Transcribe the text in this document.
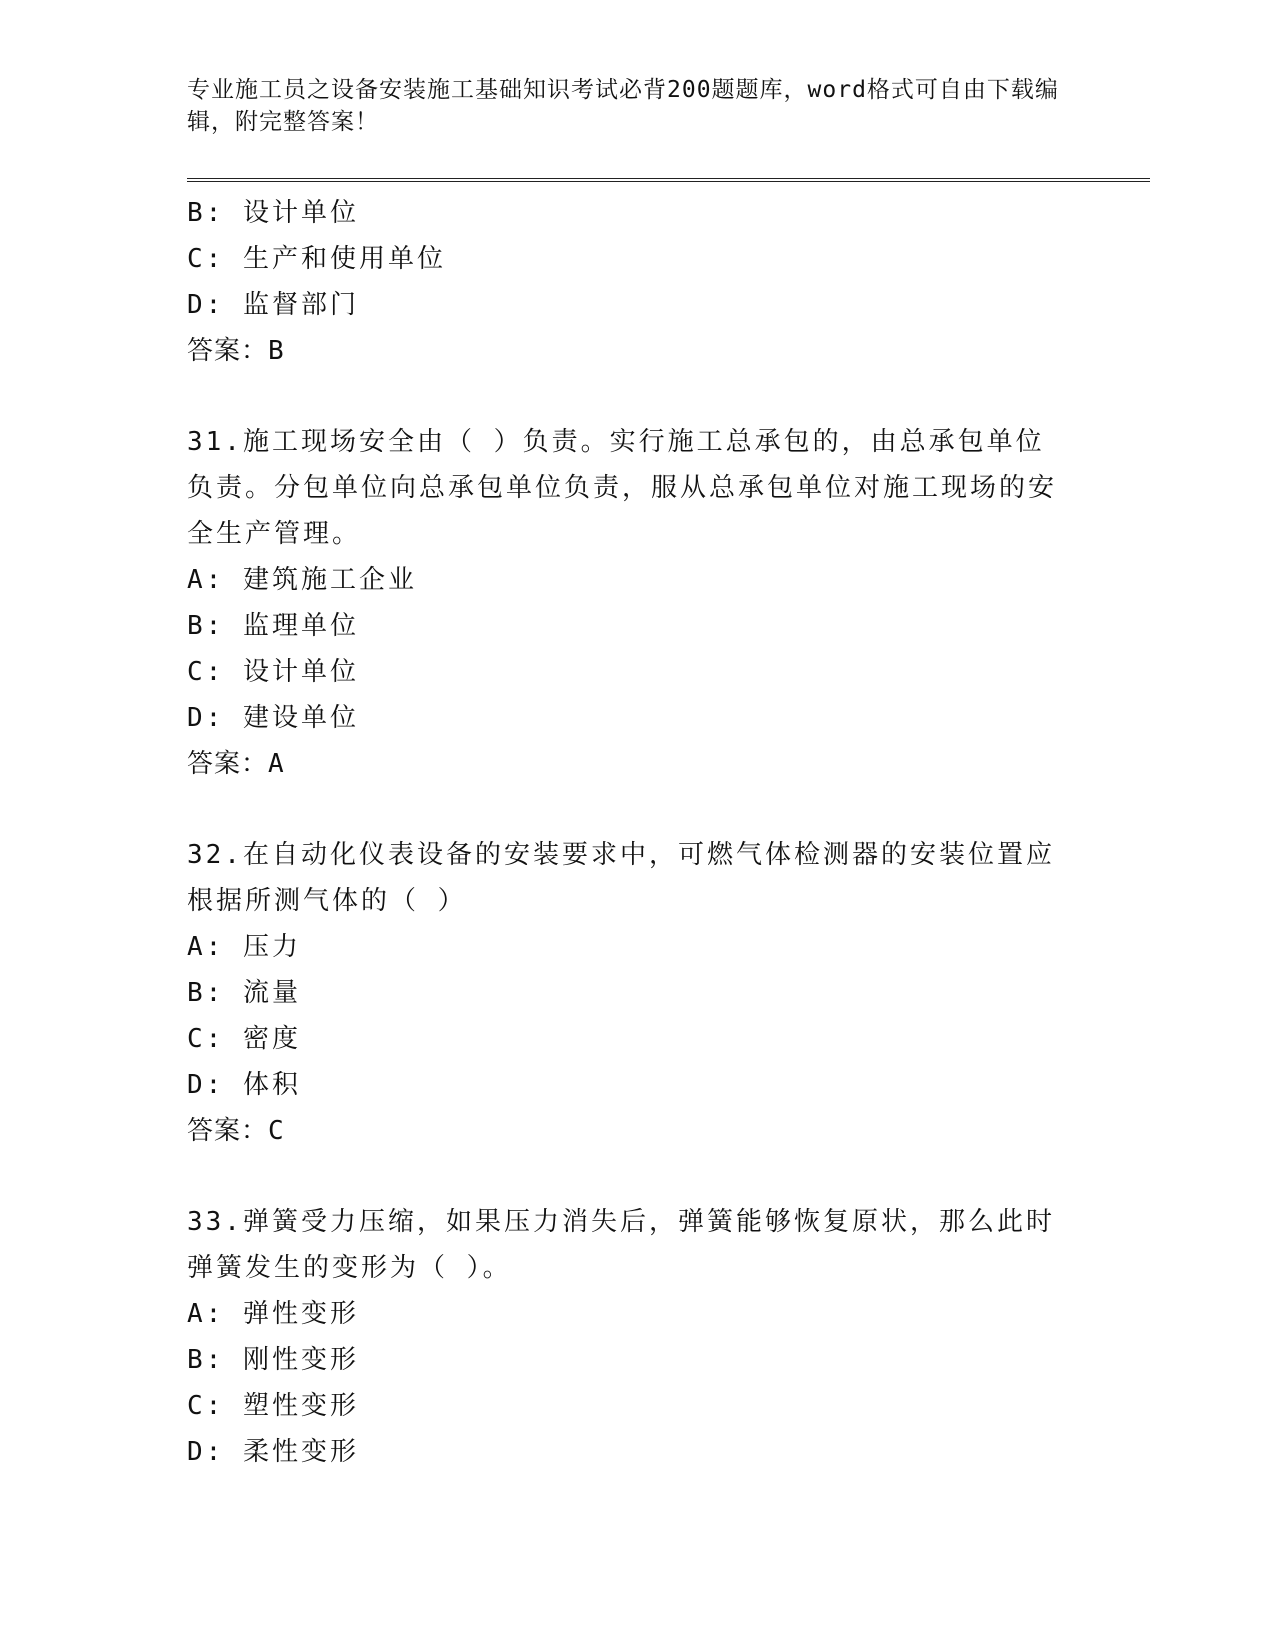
专业施工员之设备安装施工基础知识考试必背200题题库，word格式可自由下载编辑，附完整答案！

B: 设计单位

C: 生产和使用单位

D: 监督部门

答案：B

31.施工现场安全由（ ）负责。实行施工总承包的，由总承包单位负责。分包单位向总承包单位负责，服从总承包单位对施工现场的安全生产管理。

A: 建筑施工企业

B: 监理单位

C: 设计单位

D: 建设单位

答案：A

32.在自动化仪表设备的安装要求中，可燃气体检测器的安装位置应根据所测气体的（ ）

A: 压力

B: 流量

C: 密度

D: 体积

答案：C

33.弹簧受力压缩，如果压力消失后，弹簧能够恢复原状，那么此时弹簧发生的变形为（ ）。

A: 弹性变形

B: 刚性变形

C: 塑性变形

D: 柔性变形
